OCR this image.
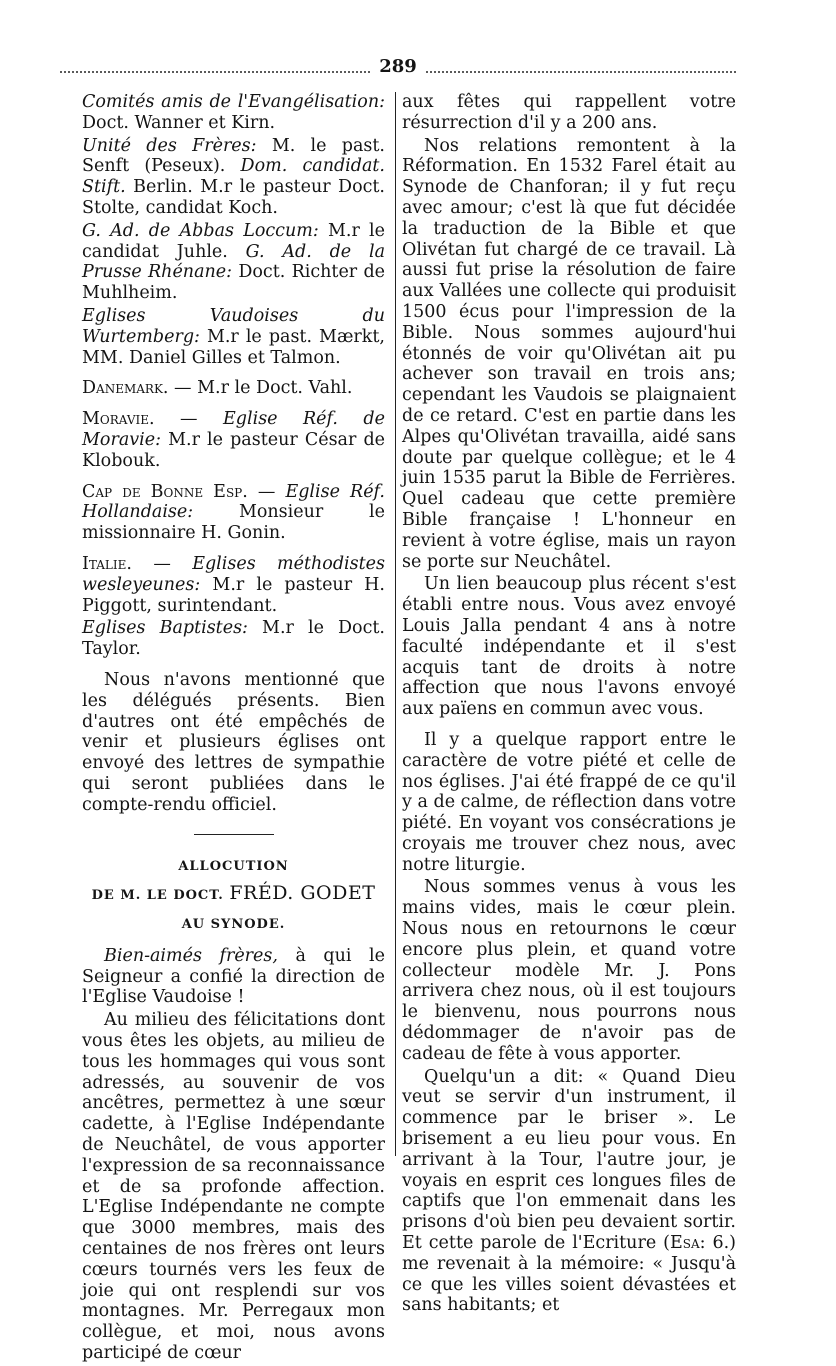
289

Comités amis de l'Evangélisation: Doct. Wanner et Kirn.

Unité des Frères: M. le past. Senft (Peseux). Dom. candidat. Stift. Berlin. M.r le pasteur Doct. Stolte, candidat Koch.

G. Ad. de Abbas Loccum: M.r le candidat Juhle. G. Ad. de la Prusse Rhénane: Doct. Richter de Muhlheim.

Eglises Vaudoises du Wurtemberg: M.r le past. Mærkt, MM. Daniel Gilles et Talmon.

Danemark. — M.r le Doct. Vahl.

Moravie. — Eglise Réf. de Moravie: M.r le pasteur César de Klobouk.

Cap de Bonne Esp. — Eglise Réf. Hollandaise: Monsieur le missionnaire H. Gonin.

Italie. — Eglises méthodistes wesleyeunes: M.r le pasteur H. Piggott, surintendant.

Eglises Baptistes: M.r le Doct. Taylor.

Nous n'avons mentionné que les délégués présents. Bien d'autres ont été empêchés de venir et plusieurs églises ont envoyé des lettres de sympathie qui seront publiées dans le compte-rendu officiel.

ALLOCUTION

DE M. LE DOCT. FRÉD. GODET

AU SYNODE.

Bien-aimés frères, à qui le Seigneur a confié la direction de l'Eglise Vaudoise !

Au milieu des félicitations dont vous êtes les objets, au milieu de tous les hommages qui vous sont adressés, au souvenir de vos ancêtres, permettez à une sœur cadette, à l'Eglise Indépendante de Neuchâtel, de vous apporter l'expression de sa reconnaissance et de sa profonde affection. L'Eglise Indépendante ne compte que 3000 membres, mais des centaines de nos frères ont leurs cœurs tournés vers les feux de joie qui ont resplendi sur vos montagnes. Mr. Perregaux mon collègue, et moi, nous avons participé de cœur

aux fêtes qui rappellent votre résurrection d'il y a 200 ans.

Nos relations remontent à la Réformation. En 1532 Farel était au Synode de Chanforan; il y fut reçu avec amour; c'est là que fut décidée la traduction de la Bible et que Olivétan fut chargé de ce travail. Là aussi fut prise la résolution de faire aux Vallées une collecte qui produisit 1500 écus pour l'impression de la Bible. Nous sommes aujourd'hui étonnés de voir qu'Olivétan ait pu achever son travail en trois ans; cependant les Vaudois se plaignaient de ce retard. C'est en partie dans les Alpes qu'Olivétan travailla, aidé sans doute par quelque collègue; et le 4 juin 1535 parut la Bible de Ferrières. Quel cadeau que cette première Bible française ! L'honneur en revient à votre église, mais un rayon se porte sur Neuchâtel.

Un lien beaucoup plus récent s'est établi entre nous. Vous avez envoyé Louis Jalla pendant 4 ans à notre faculté indépendante et il s'est acquis tant de droits à notre affection que nous l'avons envoyé aux païens en commun avec vous.

Il y a quelque rapport entre le caractère de votre piété et celle de nos églises. J'ai été frappé de ce qu'il y a de calme, de réflection dans votre piété. En voyant vos consécrations je croyais me trouver chez nous, avec notre liturgie.

Nous sommes venus à vous les mains vides, mais le cœur plein. Nous nous en retournons le cœur encore plus plein, et quand votre collecteur modèle Mr. J. Pons arrivera chez nous, où il est toujours le bienvenu, nous pourrons nous dédommager de n'avoir pas de cadeau de fête à vous apporter.

Quelqu'un a dit: « Quand Dieu veut se servir d'un instrument, il commence par le briser ». Le brisement a eu lieu pour vous. En arrivant à la Tour, l'autre jour, je voyais en esprit ces longues files de captifs que l'on emmenait dans les prisons d'où bien peu devaient sortir. Et cette parole de l'Ecriture (Esa: 6.) me revenait à la mémoire: « Jusqu'à ce que les villes soient dévastées et sans habitants; et
